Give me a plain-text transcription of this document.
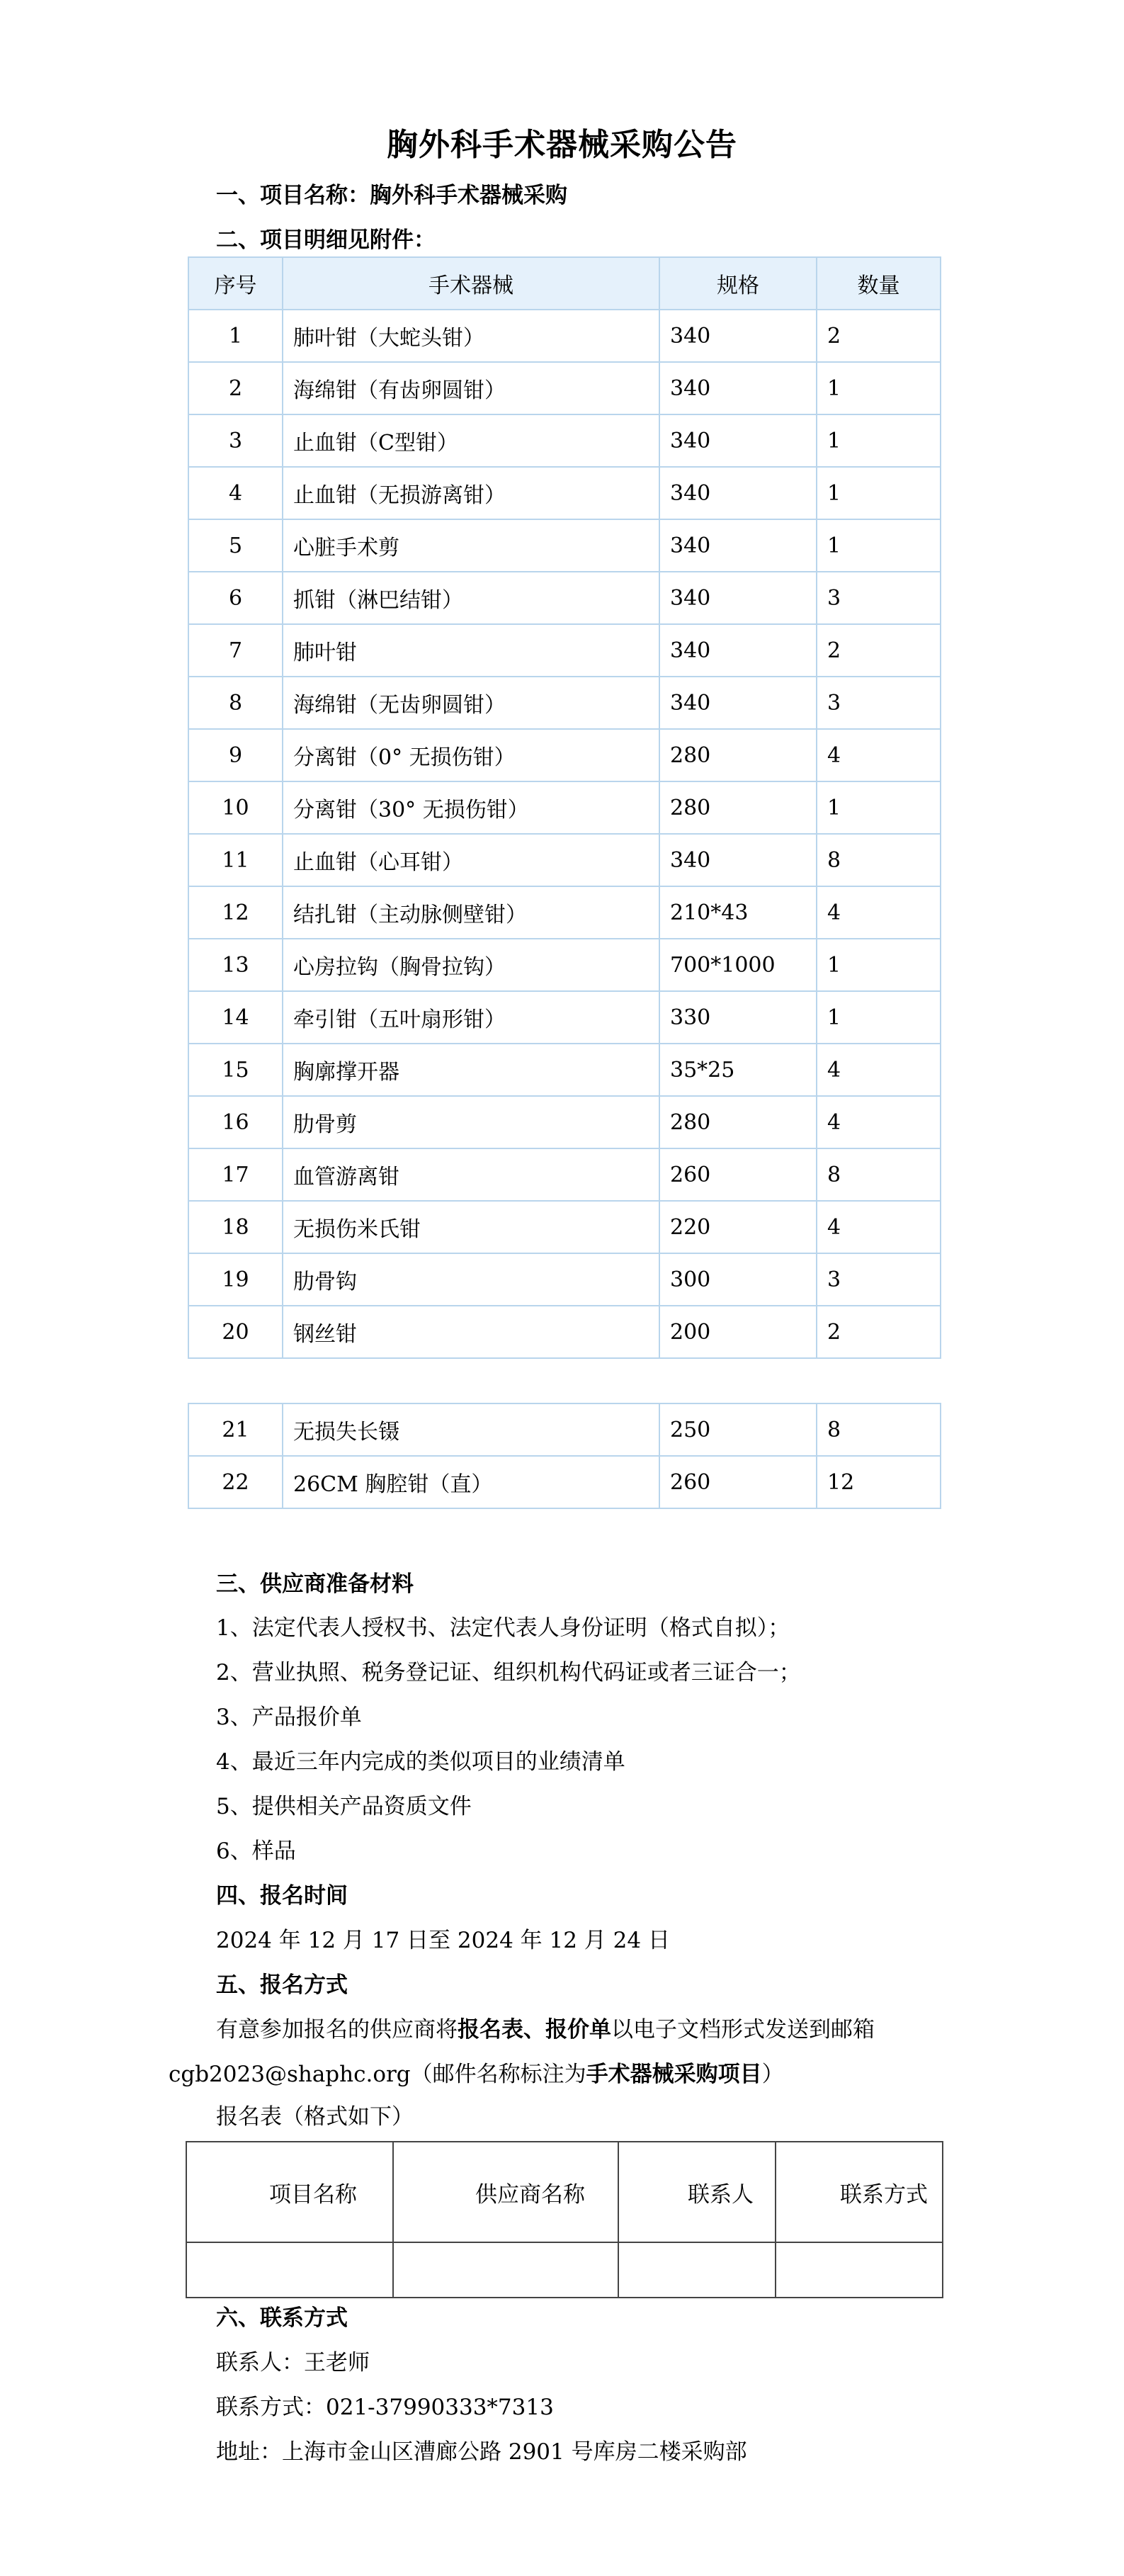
胸外科手术器械采购公告
一、项目名称：胸外科手术器械采购
二、项目明细见附件：
序号	手术器械	规格	数量
1	肺叶钳（大蛇头钳）	340	2
2	海绵钳（有齿卵圆钳）	340	1
3	止血钳（C型钳）	340	1
4	止血钳（无损游离钳）	340	1
5	心脏手术剪	340	1
6	抓钳（淋巴结钳）	340	3
7	肺叶钳	340	2
8	海绵钳（无齿卵圆钳）	340	3
9	分离钳（0° 无损伤钳）	280	4
10	分离钳（30° 无损伤钳）	280	1
11	止血钳（心耳钳）	340	8
12	结扎钳（主动脉侧壁钳）	210*43	4
13	心房拉钩（胸骨拉钩）	700*1000	1
14	牵引钳（五叶扇形钳）	330	1
15	胸廓撑开器	35*25	4
16	肋骨剪	280	4
17	血管游离钳	260	8
18	无损伤米氏钳	220	4
19	肋骨钩	300	3
20	钢丝钳	200	2
21	无损失长镊	250	8
22	26CM 胸腔钳（直）	260	12
三、供应商准备材料
1、法定代表人授权书、法定代表人身份证明（格式自拟）；
2、营业执照、税务登记证、组织机构代码证或者三证合一；
3、产品报价单
4、最近三年内完成的类似项目的业绩清单
5、提供相关产品资质文件
6、样品
四、报名时间
2024 年 12 月 17 日至 2024 年 12 月 24 日
五、报名方式
有意参加报名的供应商将报名表、报价单以电子文档形式发送到邮箱
cgb2023@shaphc.org（邮件名称标注为手术器械采购项目）
报名表（格式如下）
项目名称	供应商名称	联系人	联系方式

六、联系方式
联系人：王老师
联系方式：021-37990333*7313
地址：上海市金山区漕廊公路 2901 号库房二楼采购部
